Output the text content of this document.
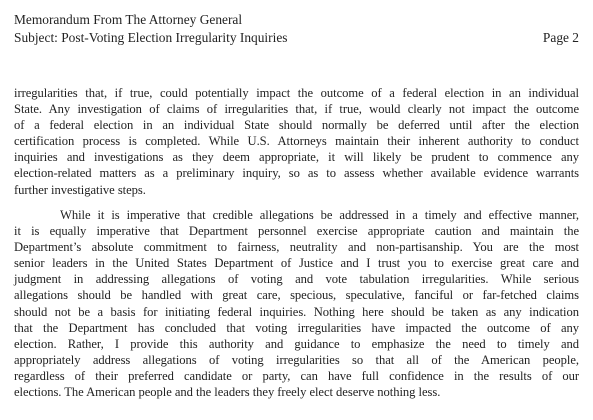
Memorandum From The Attorney General
Subject: Post-Voting Election Irregularity Inquiries	Page 2
irregularities that, if true, could potentially impact the outcome of a federal election in an individual
State. Any investigation of claims of irregularities that, if true, would clearly not impact the outcome
of a federal election in an individual State should normally be deferred until after the election
certification process is completed. While U.S. Attorneys maintain their inherent authority to conduct
inquiries and investigations as they deem appropriate, it will likely be prudent to commence any
election-related matters as a preliminary inquiry, so as to assess whether available evidence warrants
further investigative steps.
While it is imperative that credible allegations be addressed in a timely and effective manner,
it is equally imperative that Department personnel exercise appropriate caution and maintain the
Department’s absolute commitment to fairness, neutrality and non-partisanship. You are the most
senior leaders in the United States Department of Justice and I trust you to exercise great care and
judgment in addressing allegations of voting and vote tabulation irregularities. While serious
allegations should be handled with great care, specious, speculative, fanciful or far-fetched claims
should not be a basis for initiating federal inquiries. Nothing here should be taken as any indication
that the Department has concluded that voting irregularities have impacted the outcome of any
election. Rather, I provide this authority and guidance to emphasize the need to timely and
appropriately address allegations of voting irregularities so that all of the American people,
regardless of their preferred candidate or party, can have full confidence in the results of our
elections. The American people and the leaders they freely elect deserve nothing less.
